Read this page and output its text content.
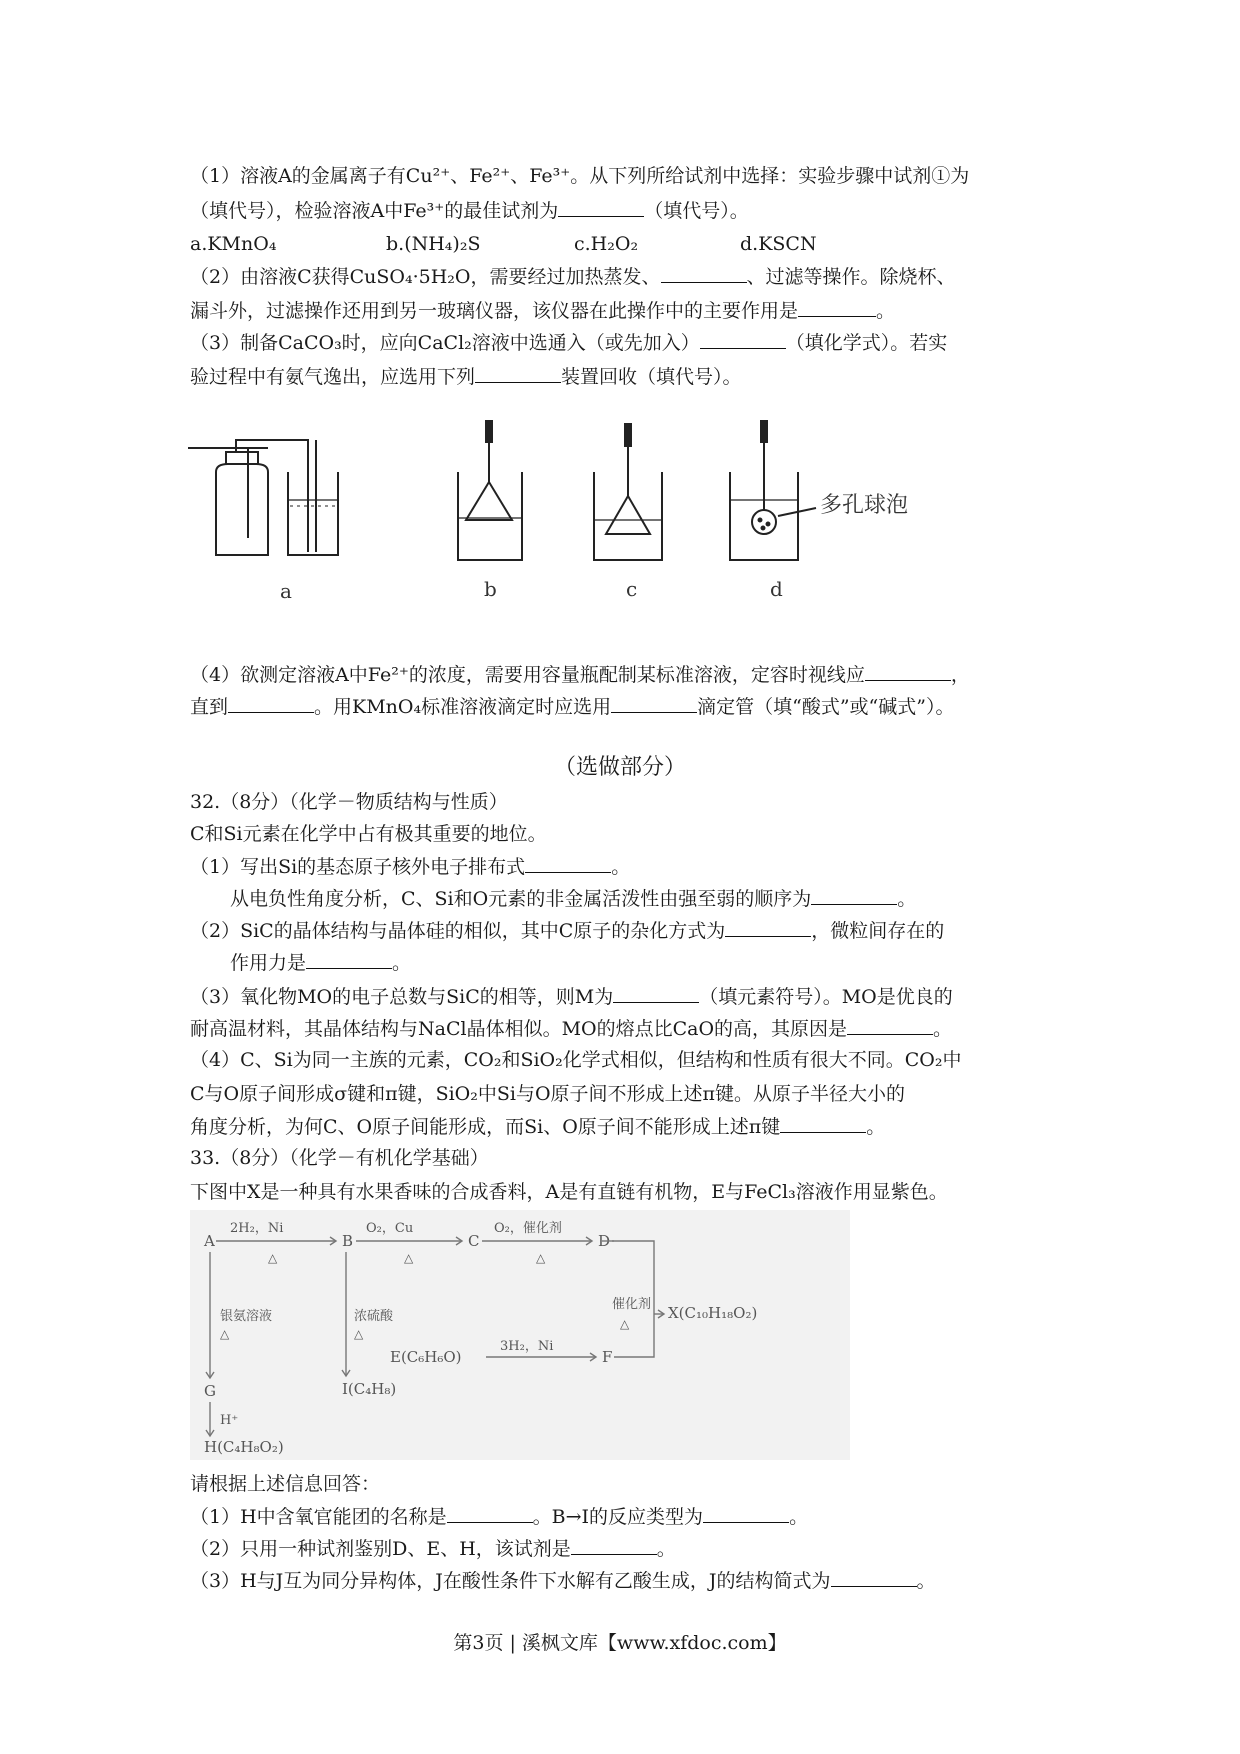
（1）溶液A的金属离子有Cu²⁺、Fe²⁺、Fe³⁺。从下列所给试剂中选择：实验步骤中试剂①为
（填代号），检验溶液A中Fe³⁺的最佳试剂为	（填代号）。
a.KMnO₄	b.(NH₄)₂S	c.H₂O₂	d.KSCN
（2）由溶液C获得CuSO₄·5H₂O，需要经过加热蒸发、	、过滤等操作。除烧杯、
漏斗外，过滤操作还用到另一玻璃仪器，该仪器在此操作中的主要作用是	。
（3）制备CaCO₃时，应向CaCl₂溶液中选通入（或先加入）	（填化学式）。若实
验过程中有氨气逸出，应选用下列	装置回收（填代号）。
多孔球泡
a	b	c	d
（4）欲测定溶液A中Fe²⁺的浓度，需要用容量瓶配制某标准溶液，定容时视线应	，
直到	。用KMnO₄标准溶液滴定时应选用	滴定管（填“酸式”或“碱式”）。
（选做部分）
32.（8分）（化学－物质结构与性质）
C和Si元素在化学中占有极其重要的地位。
（1）写出Si的基态原子核外电子排布式	。
从电负性角度分析，C、Si和O元素的非金属活泼性由强至弱的顺序为	。
（2）SiC的晶体结构与晶体硅的相似，其中C原子的杂化方式为	，微粒间存在的
作用力是	。
（3）氧化物MO的电子总数与SiC的相等，则M为	（填元素符号）。MO是优良的
耐高温材料，其晶体结构与NaCl晶体相似。MO的熔点比CaO的高，其原因是	。
（4）C、Si为同一主族的元素，CO₂和SiO₂化学式相似，但结构和性质有很大不同。CO₂中
C与O原子间形成σ键和π键，SiO₂中Si与O原子间不形成上述π键。从原子半径大小的
角度分析，为何C、O原子间能形成，而Si、O原子间不能形成上述π键	。
33.（8分）（化学－有机化学基础）
下图中X是一种具有水果香味的合成香料，A是有直链有机物，E与FeCl₃溶液作用显紫色。
A	B	C	D
2H₂，Ni	O₂，Cu	O₂，催化剂
△	△	△
银氨溶液
△
浓硫酸
△
催化剂
△
X(C₁₀H₁₈O₂)
E(C₆H₆O)
3H₂，Ni
F
I(C₄H₈)
G
H⁺
H(C₄H₈O₂)
请根据上述信息回答：
（1）H中含氧官能团的名称是	。B→I的反应类型为	。
（2）只用一种试剂鉴别D、E、H，该试剂是	。
（3）H与J互为同分异构体，J在酸性条件下水解有乙酸生成，J的结构简式为	。
第3页 | 溪枫文库【www.xfdoc.com】
